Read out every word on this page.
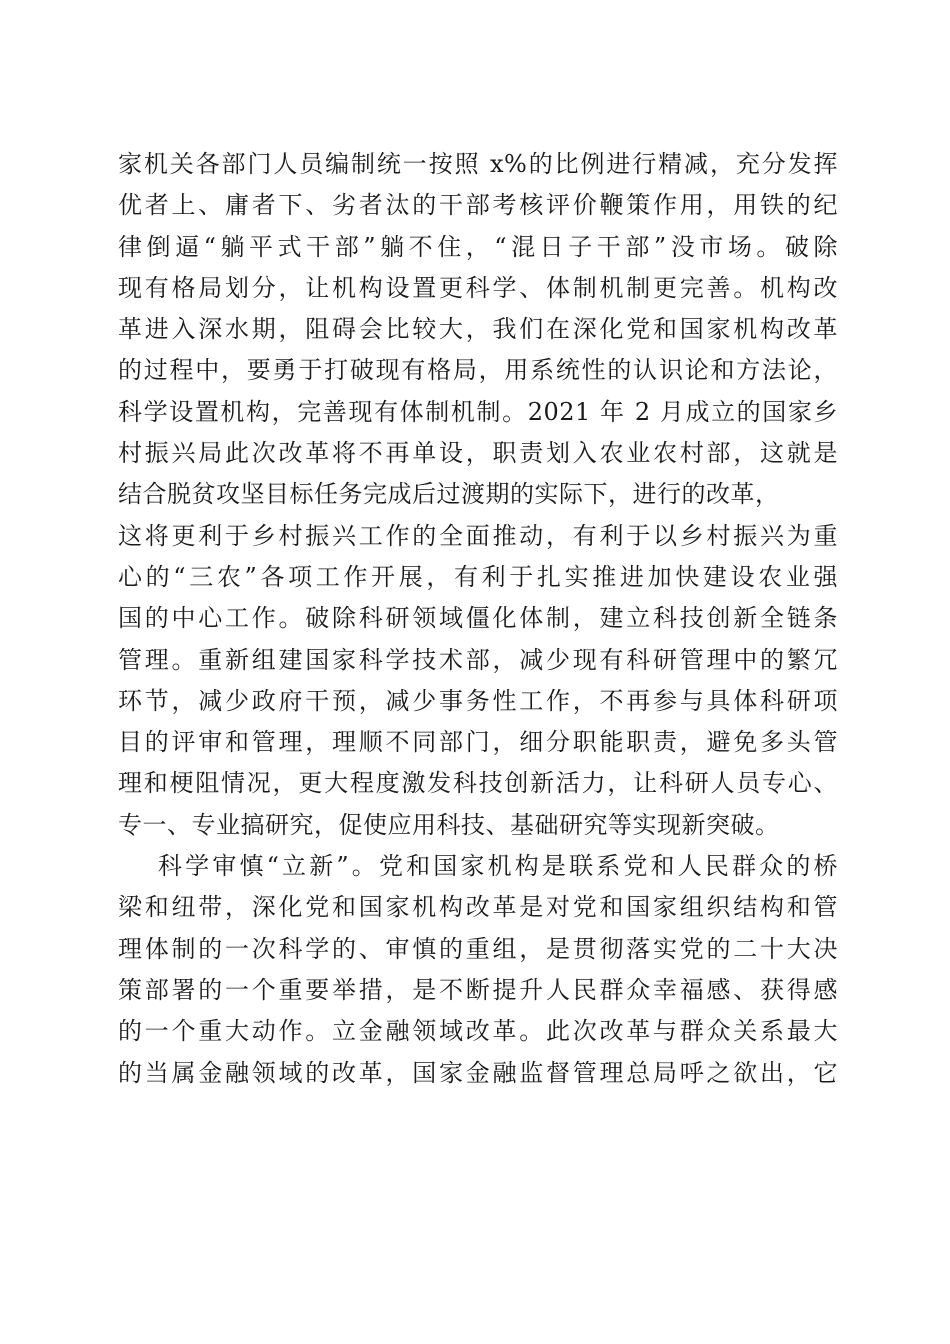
家机关各部门人员编制统一按照 x%的比例进行精减，充分发挥
优者上、庸者下、劣者汰的干部考核评价鞭策作用，用铁的纪
律倒逼“躺平式干部”躺不住，“混日子干部”没市场。破除
现有格局划分，让机构设置更科学、体制机制更完善。机构改
革进入深水期，阻碍会比较大，我们在深化党和国家机构改革
的过程中，要勇于打破现有格局，用系统性的认识论和方法论，
科学设置机构，完善现有体制机制。2021 年 2 月成立的国家乡
村振兴局此次改革将不再单设，职责划入农业农村部，这就是
结合脱贫攻坚目标任务完成后过渡期的实际下，进行的改革，
这将更利于乡村振兴工作的全面推动，有利于以乡村振兴为重
心的“三农”各项工作开展，有利于扎实推进加快建设农业强
国的中心工作。破除科研领域僵化体制，建立科技创新全链条
管理。重新组建国家科学技术部，减少现有科研管理中的繁冗
环节，减少政府干预，减少事务性工作，不再参与具体科研项
目的评审和管理，理顺不同部门，细分职能职责，避免多头管
理和梗阻情况，更大程度激发科技创新活力，让科研人员专心、
专一、专业搞研究，促使应用科技、基础研究等实现新突破。
科学审慎“立新”。党和国家机构是联系党和人民群众的桥
梁和纽带，深化党和国家机构改革是对党和国家组织结构和管
理体制的一次科学的、审慎的重组，是贯彻落实党的二十大决
策部署的一个重要举措，是不断提升人民群众幸福感、获得感
的一个重大动作。立金融领域改革。此次改革与群众关系最大
的当属金融领域的改革，国家金融监督管理总局呼之欲出，它
